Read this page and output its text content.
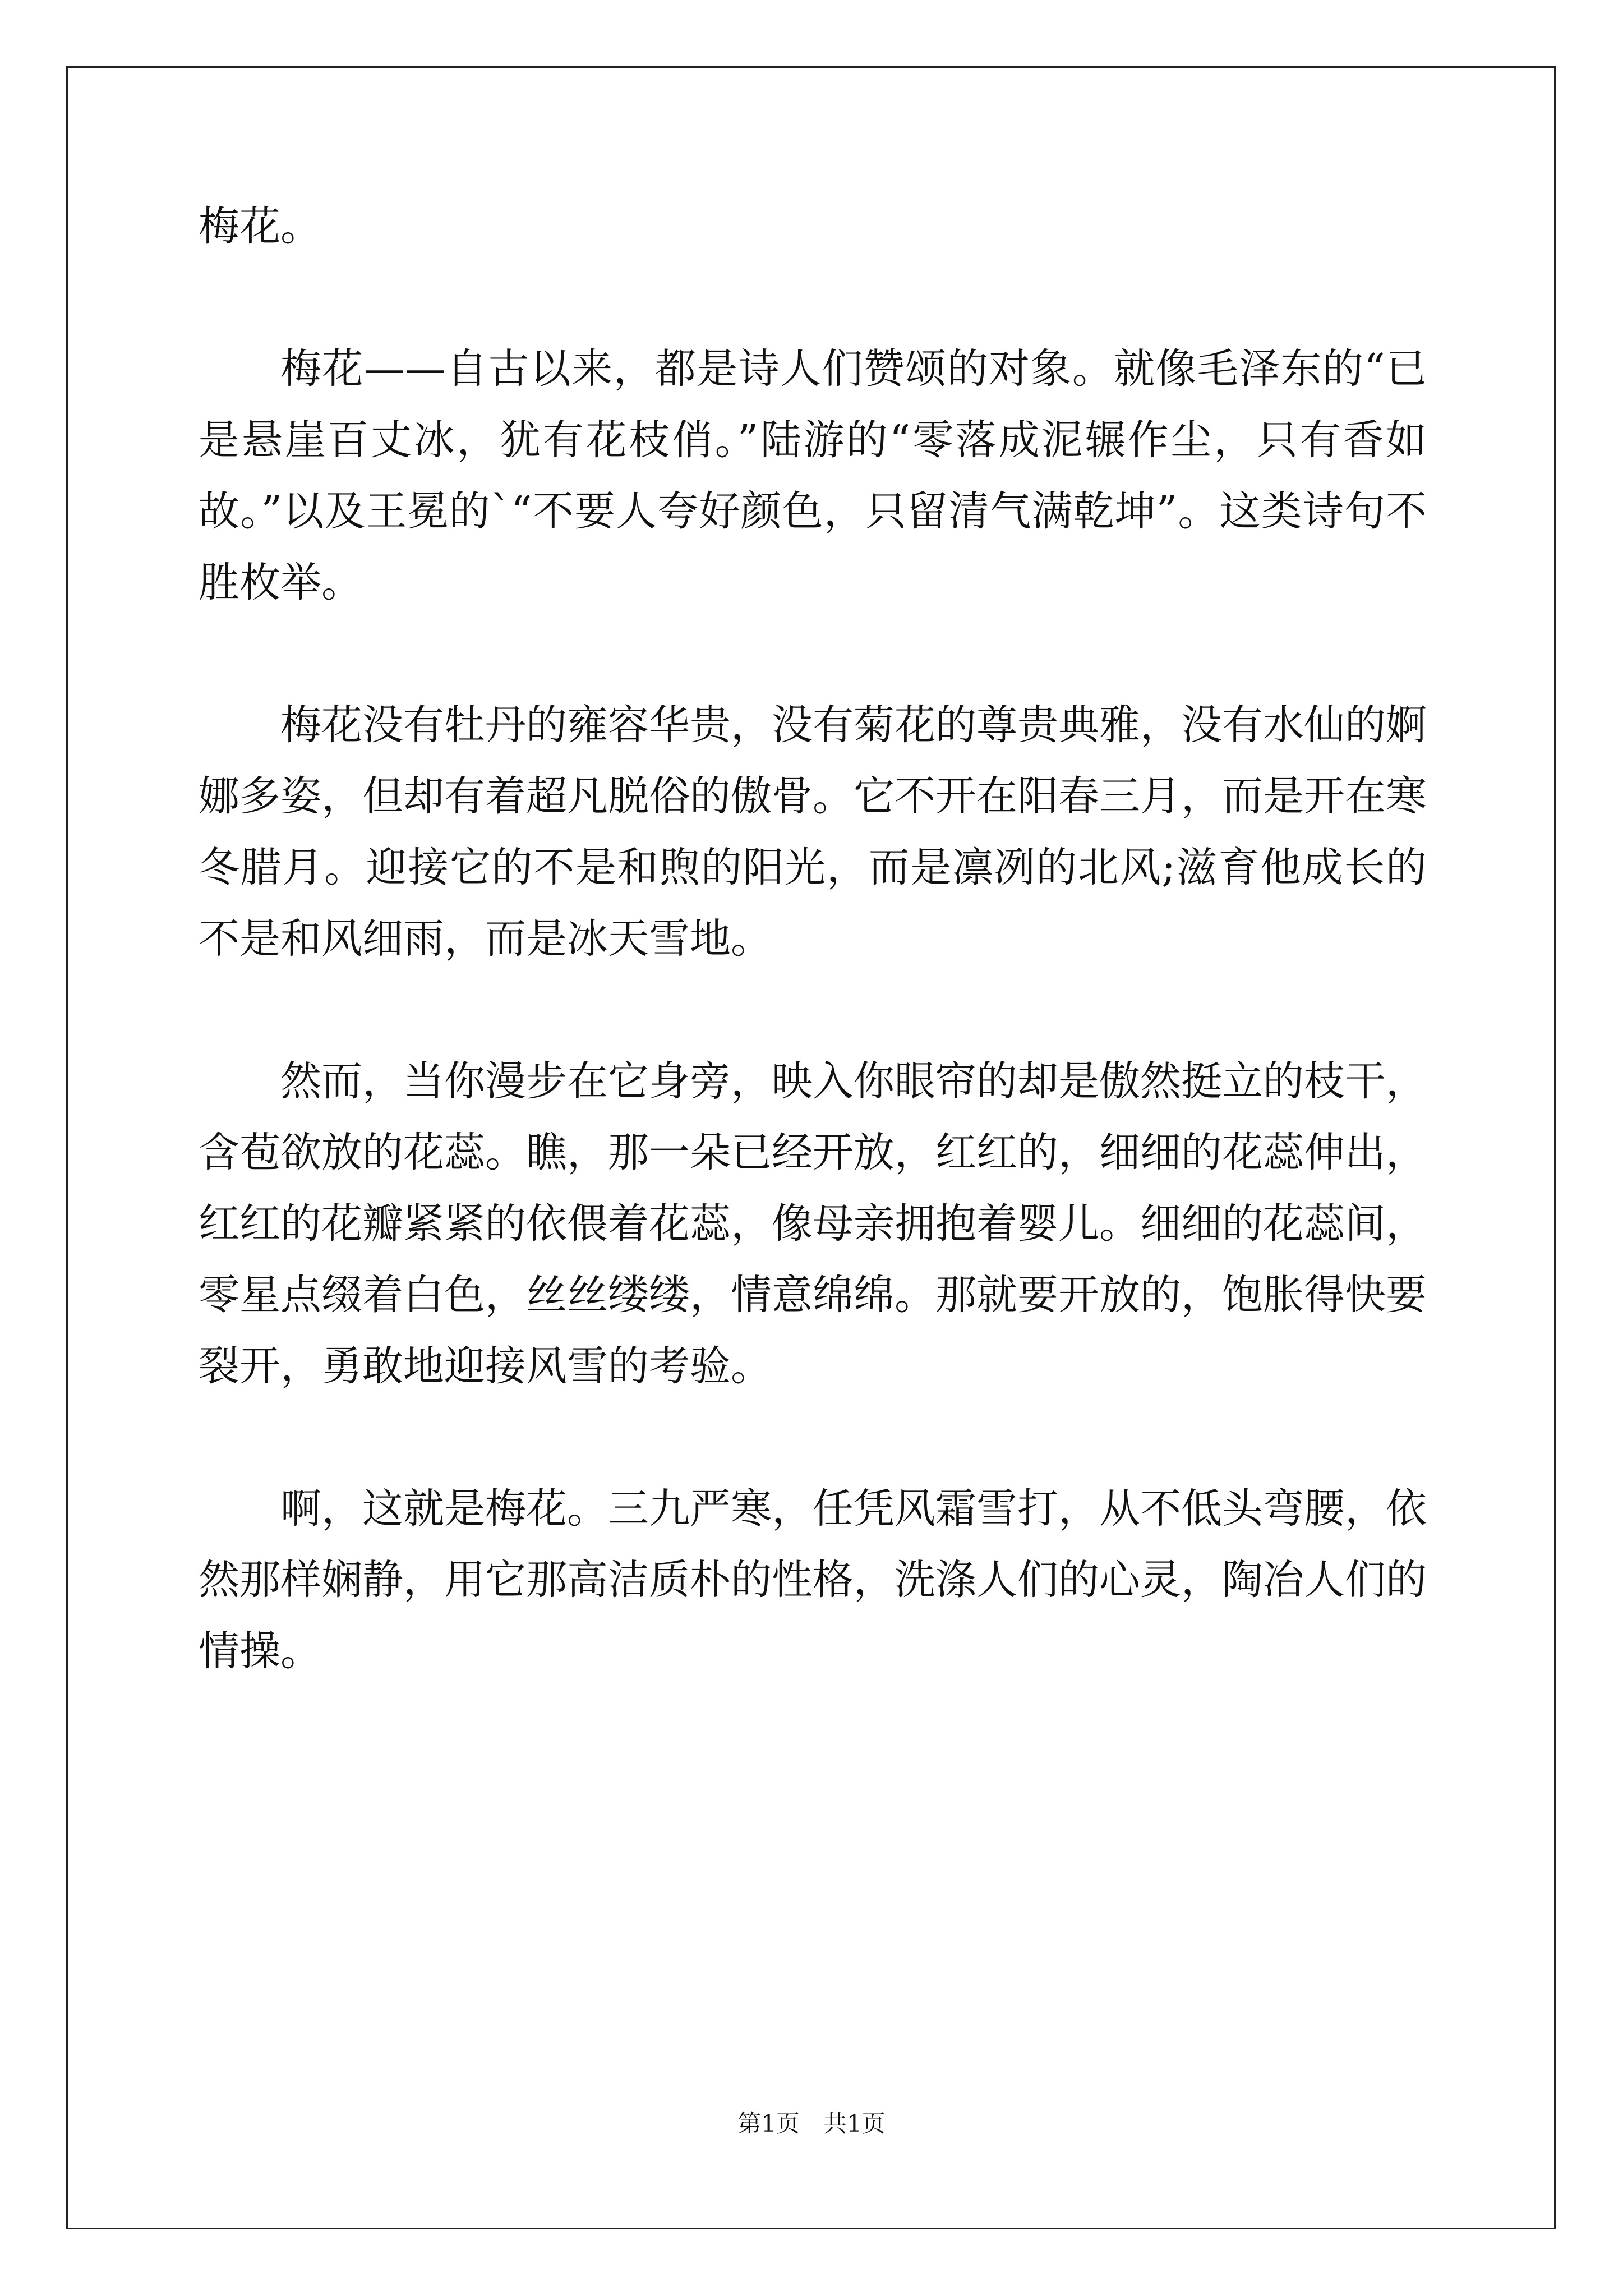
梅花。

梅花——自古以来，都是诗人们赞颂的对象。就像毛泽东的“已是悬崖百丈冰，犹有花枝俏。”陆游的“零落成泥辗作尘，只有香如故。”以及王冕的`“不要人夸好颜色，只留清气满乾坤”。这类诗句不胜枚举。

梅花没有牡丹的雍容华贵，没有菊花的尊贵典雅，没有水仙的婀娜多姿，但却有着超凡脱俗的傲骨。它不开在阳春三月，而是开在寒冬腊月。迎接它的不是和煦的阳光，而是凛冽的北风;滋育他成长的不是和风细雨，而是冰天雪地。

然而，当你漫步在它身旁，映入你眼帘的却是傲然挺立的枝干，含苞欲放的花蕊。瞧，那一朵已经开放，红红的，细细的花蕊伸出，红红的花瓣紧紧的依偎着花蕊，像母亲拥抱着婴儿。细细的花蕊间，零星点缀着白色，丝丝缕缕，情意绵绵。那就要开放的，饱胀得快要裂开，勇敢地迎接风雪的考验。

啊，这就是梅花。三九严寒，任凭风霜雪打，从不低头弯腰，依然那样娴静，用它那高洁质朴的性格，洗涤人们的心灵，陶冶人们的情操。

第1页　共1页
